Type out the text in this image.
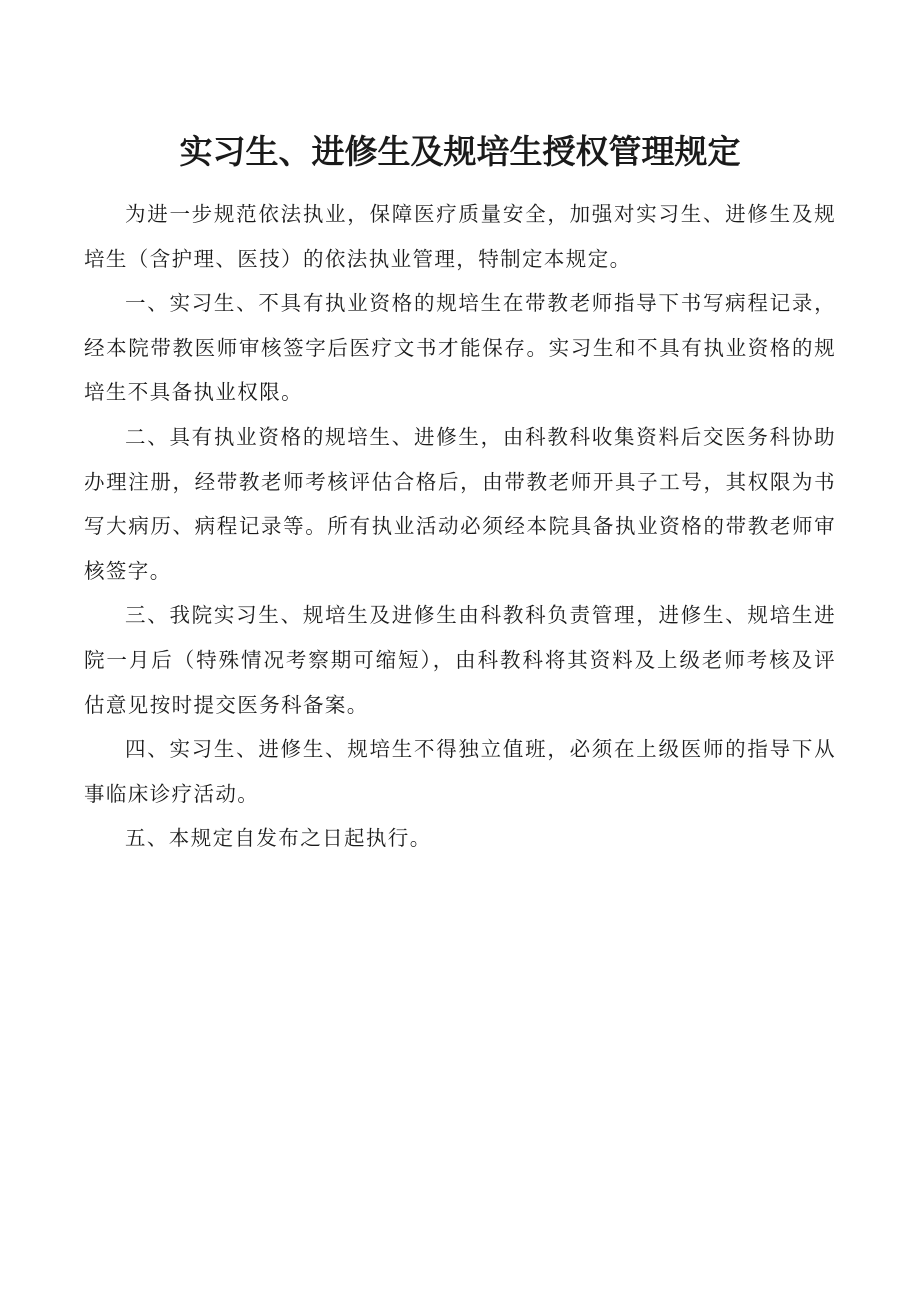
实习生、进修生及规培生授权管理规定

为进一步规范依法执业，保障医疗质量安全，加强对实习生、进修生及规培生（含护理、医技）的依法执业管理，特制定本规定。

一、实习生、不具有执业资格的规培生在带教老师指导下书写病程记录，经本院带教医师审核签字后医疗文书才能保存。实习生和不具有执业资格的规培生不具备执业权限。

二、具有执业资格的规培生、进修生，由科教科收集资料后交医务科协助办理注册，经带教老师考核评估合格后，由带教老师开具子工号，其权限为书写大病历、病程记录等。所有执业活动必须经本院具备执业资格的带教老师审核签字。

三、我院实习生、规培生及进修生由科教科负责管理，进修生、规培生进院一月后（特殊情况考察期可缩短），由科教科将其资料及上级老师考核及评估意见按时提交医务科备案。

四、实习生、进修生、规培生不得独立值班，必须在上级医师的指导下从事临床诊疗活动。

五、本规定自发布之日起执行。
